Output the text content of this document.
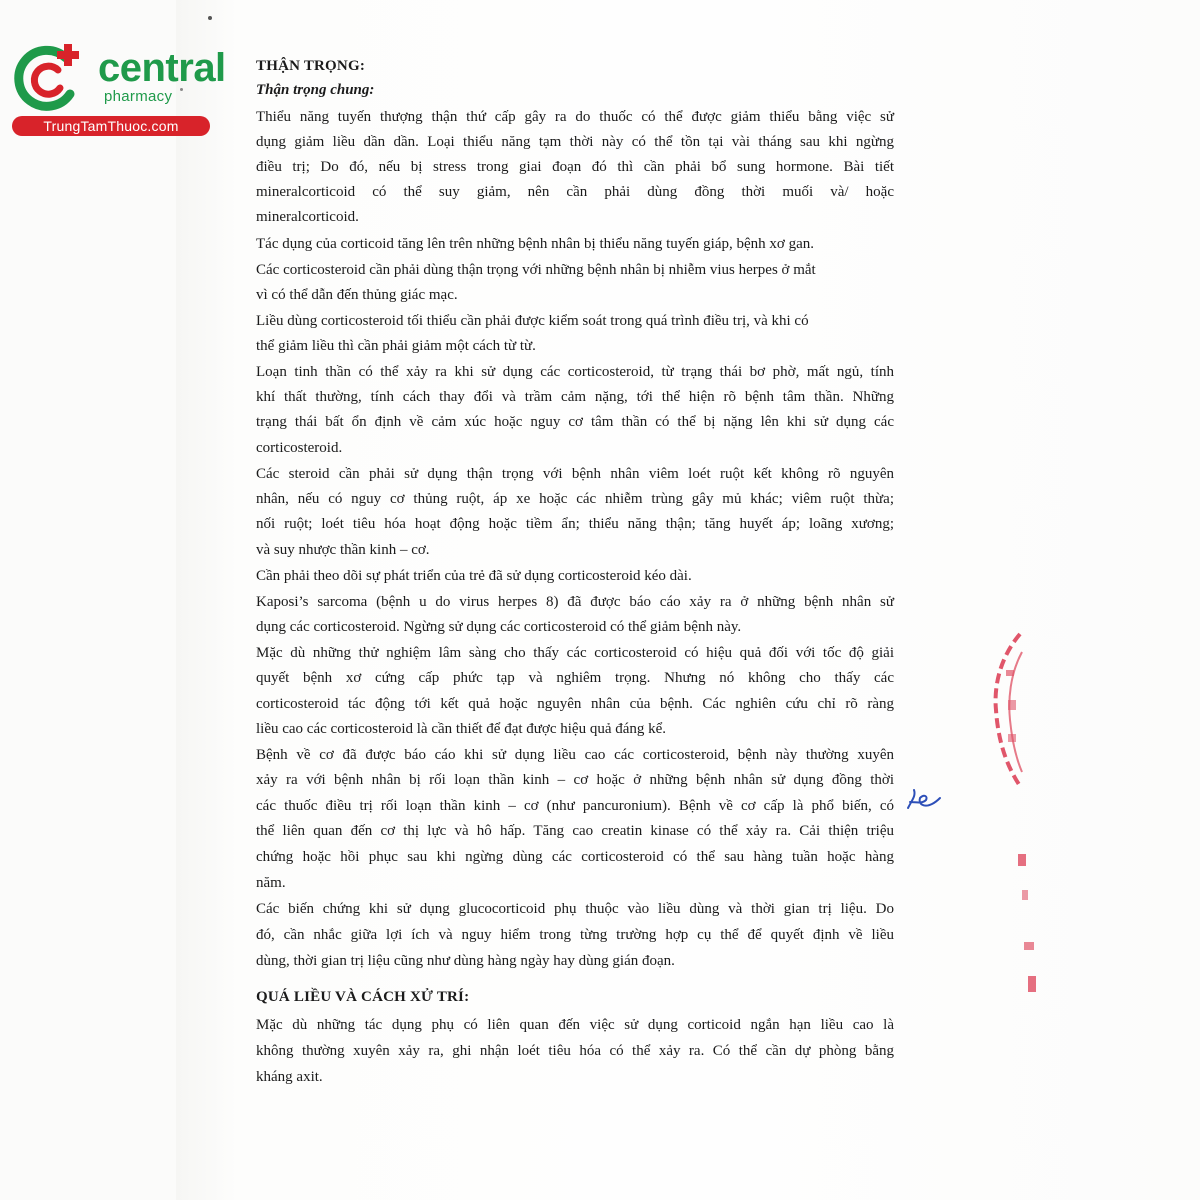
central
pharmacy
TrungTamThuoc.com
THẬN TRỌNG:
Thận trọng chung:
Thiểu năng tuyến thượng thận thứ cấp gây ra do thuốc có thể được giảm thiểu bằng việc sử
dụng giảm liều dần dần. Loại thiểu năng tạm thời này có thể tồn tại vài tháng sau khi ngừng
điều trị; Do đó, nếu bị stress trong giai đoạn đó thì cần phải bổ sung hormone. Bài tiết
mineralcorticoid có thể suy giảm, nên cần phải dùng đồng thời muối và/ hoặc
mineralcorticoid.
Tác dụng của corticoid tăng lên trên những bệnh nhân bị thiểu năng tuyến giáp, bệnh xơ gan.
Các corticosteroid cần phải dùng thận trọng với những bệnh nhân bị nhiễm vius herpes ở mắt
vì có thể dẫn đến thủng giác mạc.
Liều dùng corticosteroid tối thiểu cần phải được kiểm soát trong quá trình điều trị, và khi có
thể giảm liều thì cần phải giảm một cách từ từ.
Loạn tinh thần có thể xảy ra khi sử dụng các corticosteroid, từ trạng thái bơ phờ, mất ngủ, tính
khí thất thường, tính cách thay đổi và trầm cảm nặng, tới thể hiện rõ bệnh tâm thần. Những
trạng thái bất ổn định về cảm xúc hoặc nguy cơ tâm thần có thể bị nặng lên khi sử dụng các
corticosteroid.
Các steroid cần phải sử dụng thận trọng với bệnh nhân viêm loét ruột kết không rõ nguyên
nhân, nếu có nguy cơ thủng ruột, áp xe hoặc các nhiễm trùng gây mủ khác; viêm ruột thừa;
nối ruột; loét tiêu hóa hoạt động hoặc tiềm ẩn; thiểu năng thận; tăng huyết áp; loãng xương;
và suy nhược thần kinh – cơ.
Cần phải theo dõi sự phát triển của trẻ đã sử dụng corticosteroid kéo dài.
Kaposi’s sarcoma (bệnh u do virus herpes 8) đã được báo cáo xảy ra ở những bệnh nhân sử
dụng các corticosteroid. Ngừng sử dụng các corticosteroid có thể giảm bệnh này.
Mặc dù những thử nghiệm lâm sàng cho thấy các corticosteroid có hiệu quả đối với tốc độ giải
quyết bệnh xơ cứng cấp phức tạp và nghiêm trọng. Nhưng nó không cho thấy các
corticosteroid tác động tới kết quả hoặc nguyên nhân của bệnh. Các nghiên cứu chỉ rõ ràng
liều cao các corticosteroid là cần thiết để đạt được hiệu quả đáng kể.
Bệnh về cơ đã được báo cáo khi sử dụng liều cao các corticosteroid, bệnh này thường xuyên
xảy ra với bệnh nhân bị rối loạn thần kinh – cơ hoặc ở những bệnh nhân sử dụng đồng thời
các thuốc điều trị rối loạn thần kinh – cơ (như pancuronium). Bệnh về cơ cấp là phổ biến, có
thể liên quan đến cơ thị lực và hô hấp. Tăng cao creatin kinase có thể xảy ra. Cải thiện triệu
chứng hoặc hồi phục sau khi ngừng dùng các corticosteroid có thể sau hàng tuần hoặc hàng
năm.
Các biến chứng khi sử dụng glucocorticoid phụ thuộc vào liều dùng và thời gian trị liệu. Do
đó, cần nhắc giữa lợi ích và nguy hiểm trong từng trường hợp cụ thể để quyết định về liều
dùng, thời gian trị liệu cũng như dùng hàng ngày hay dùng gián đoạn.
QUÁ LIỀU VÀ CÁCH XỬ TRÍ:
Mặc dù những tác dụng phụ có liên quan đến việc sử dụng corticoid ngắn hạn liều cao là
không thường xuyên xảy ra, ghi nhận loét tiêu hóa có thể xảy ra. Có thể cần dự phòng bằng
kháng axit.
